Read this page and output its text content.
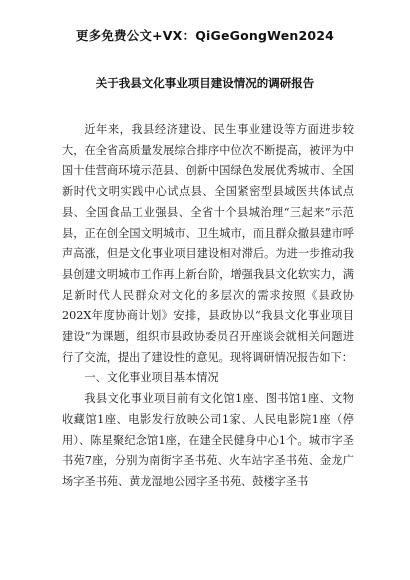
更多免费公文+VX：QiGeGongWen2024
关于我县文化事业项目建设情况的调研报告

近年来，我县经济建设、民生事业建设等方面进步较大，在全省高质量发展综合排序中位次不断提高，被评为中国十佳营商环境示范县、创新中国绿色发展优秀城市、全国新时代文明实践中心试点县、全国紧密型县域医共体试点县、全国食品工业强县、全省十个县城治理“三起来”示范县，正在创全国文明城市、卫生城市，而且群众撤县建市呼声高涨，但是文化事业项目建设相对滞后。为进一步推动我县创建文明城市工作再上新台阶，增强我县文化软实力，满足新时代人民群众对文化的多层次的需求按照《县政协202X年度协商计划》安排，县政协以“我县文化事业项目建设”为课题，组织市县政协委员召开座谈会就相关问题进行了交流，提出了建设性的意见。现将调研情况报告如下：

一、文化事业项目基本情况

我县文化事业项目前有文化馆1座、图书馆1座、文物收藏馆1座、电影发行放映公司1家、人民电影院1座（停用）、陈星聚纪念馆1座，在建全民健身中心1个。城市字圣书苑7座，分别为南街字圣书苑、火车站字圣书苑、金龙广场字圣书苑、黄龙湿地公园字圣书苑、鼓楼字圣书
